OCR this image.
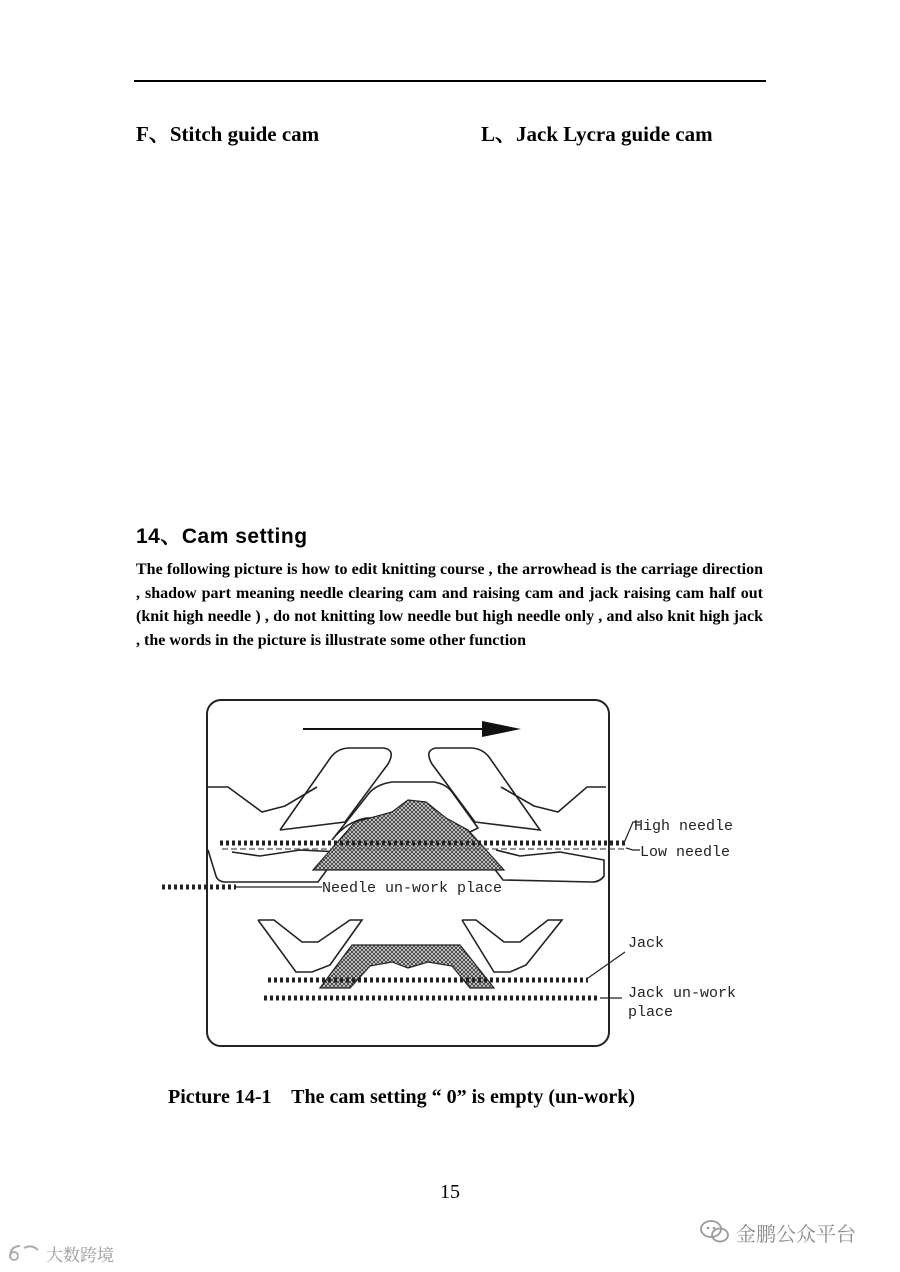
F、Stitch guide cam	L、Jack Lycra guide cam
14、Cam setting

The following picture is how to edit knitting course , the arrowhead is the carriage direction , shadow part meaning needle clearing cam and raising cam and jack raising cam half out (knit high needle ) , do not knitting low needle but high needle only , and also knit high jack , the words in the picture is illustrate some other function

High needle
Low needle
Needle un-work place
Jack
Jack un-work
place
Picture 14-1    The cam setting “ 0” is empty (un-work)
15
金鹏公众平台
大数跨境
